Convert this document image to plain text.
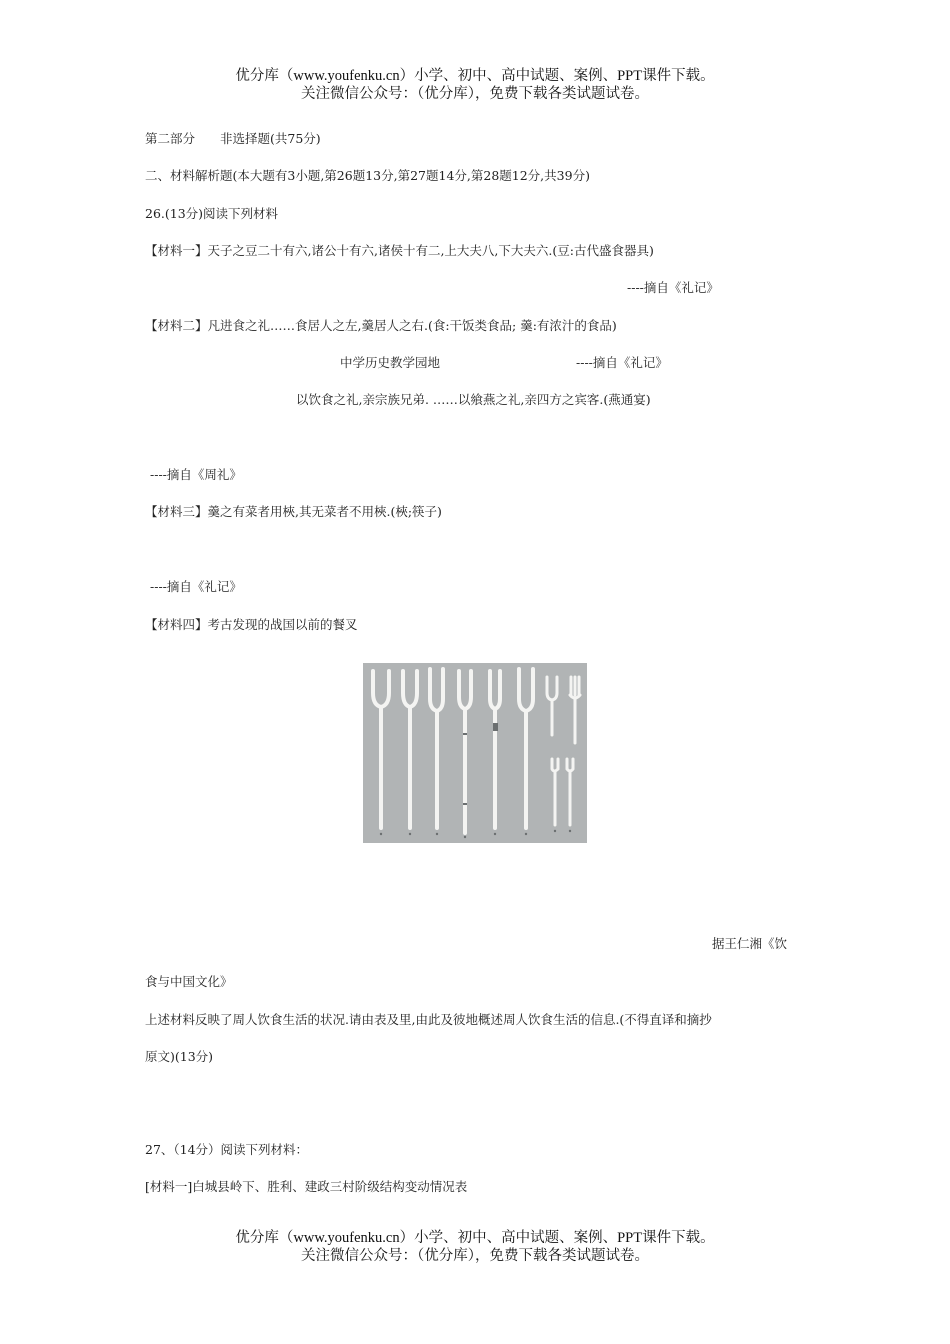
优分库（www.youfenku.cn）小学、初中、高中试题、案例、PPT课件下载。
关注微信公众号：（优分库），免费下载各类试题试卷。
第二部分　　非选择题(共75分)
二、材料解析题(本大题有3小题,第26题13分,第27题14分,第28题12分,共39分)
26.(13分)阅读下列材料
【材料一】天子之豆二十有六,诸公十有六,诸侯十有二,上大夫八,下大夫六.(豆:古代盛食器具)
----摘自《礼记》
【材料二】凡进食之礼……食居人之左,羹居人之右.(食:干饭类食品; 羹:有浓汁的食品)
中学历史教学园地	----摘自《礼记》
以饮食之礼,亲宗族兄弟. ……以飨燕之礼,亲四方之宾客.(燕通宴)
----摘自《周礼》
【材料三】羹之有菜者用梜,其无菜者不用梜.(梜;筷子)
----摘自《礼记》
【材料四】考古发现的战国以前的餐叉
据王仁湘《饮
食与中国文化》
上述材料反映了周人饮食生活的状况.请由表及里,由此及彼地概述周人饮食生活的信息.(不得直译和摘抄
原文)(13分)
27、（14分）阅读下列材料：
[材料一]白城县岭下、胜利、建政三村阶级结构变动情况表
优分库（www.youfenku.cn）小学、初中、高中试题、案例、PPT课件下载。
关注微信公众号：（优分库），免费下载各类试题试卷。
